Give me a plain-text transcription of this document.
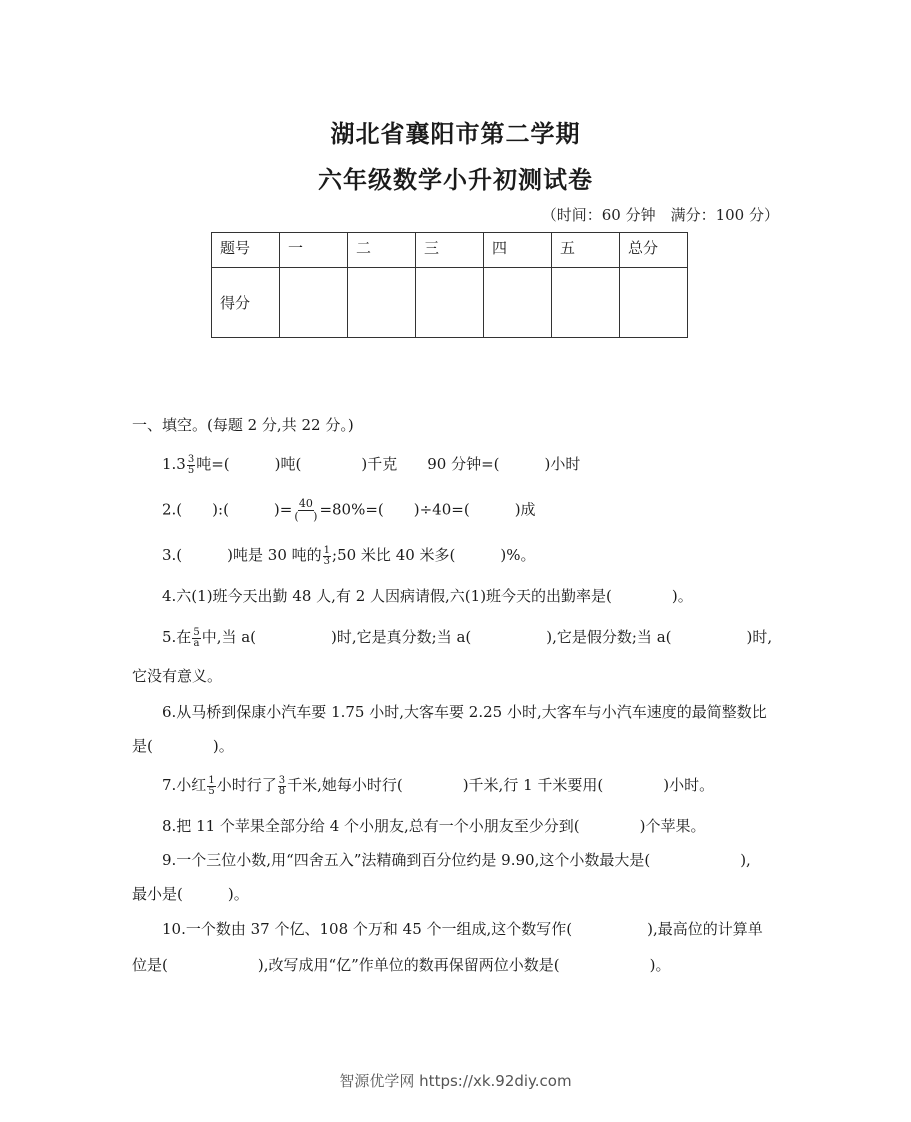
湖北省襄阳市第二学期
六年级数学小升初测试卷
（时间：60 分钟　满分：100 分）
题号	一	二	三	四	五	总分
得分						
一、填空。(每题 2 分,共 22 分。)
$1.3 \frac{3}{5}$ 吨=(　　　)吨(　　　　)千克　　90 分钟=(　　　)小时
2.(　　):(　　　)= $\frac{40}{( )} =80\%=$(　　)÷40=(　　　)成
3.(　　　)吨是 30 吨的 $\frac{1}{3}$ ;50 米比 40 米多(　　　)%。
4.六(1)班今天出勤 48 人,有 2 人因病请假,六(1)班今天的出勤率是(　　　　)。
5.在 $\frac{5}{a}$ 中,当 a(　　　　　)时,它是真分数;当 a(　　　　　),它是假分数;当 a(　　　　　)时,
它没有意义。
6.从马桥到保康小汽车要 1.75 小时,大客车要 2.25 小时,大客车与小汽车速度的最简整数比
是(　　　　)。
7.小红 $\frac{1}{5}$ 小时行了 $\frac{3}{8}$ 千米,她每小时行(　　　　)千米,行 1 千米要用(　　　　)小时。
8.把 11 个苹果全部分给 4 个小朋友,总有一个小朋友至少分到(　　　　)个苹果。
9.一个三位小数,用“四舍五入”法精确到百分位约是 9.90,这个小数最大是(　　　　　　),
最小是(　　　)。
10.一个数由 37 个亿、108 个万和 45 个一组成,这个数写作(　　　　　),最高位的计算单
位是(　　　　　　),改写成用“亿”作单位的数再保留两位小数是(　　　　　　)。
智源优学网 https://xk.92diy.com
